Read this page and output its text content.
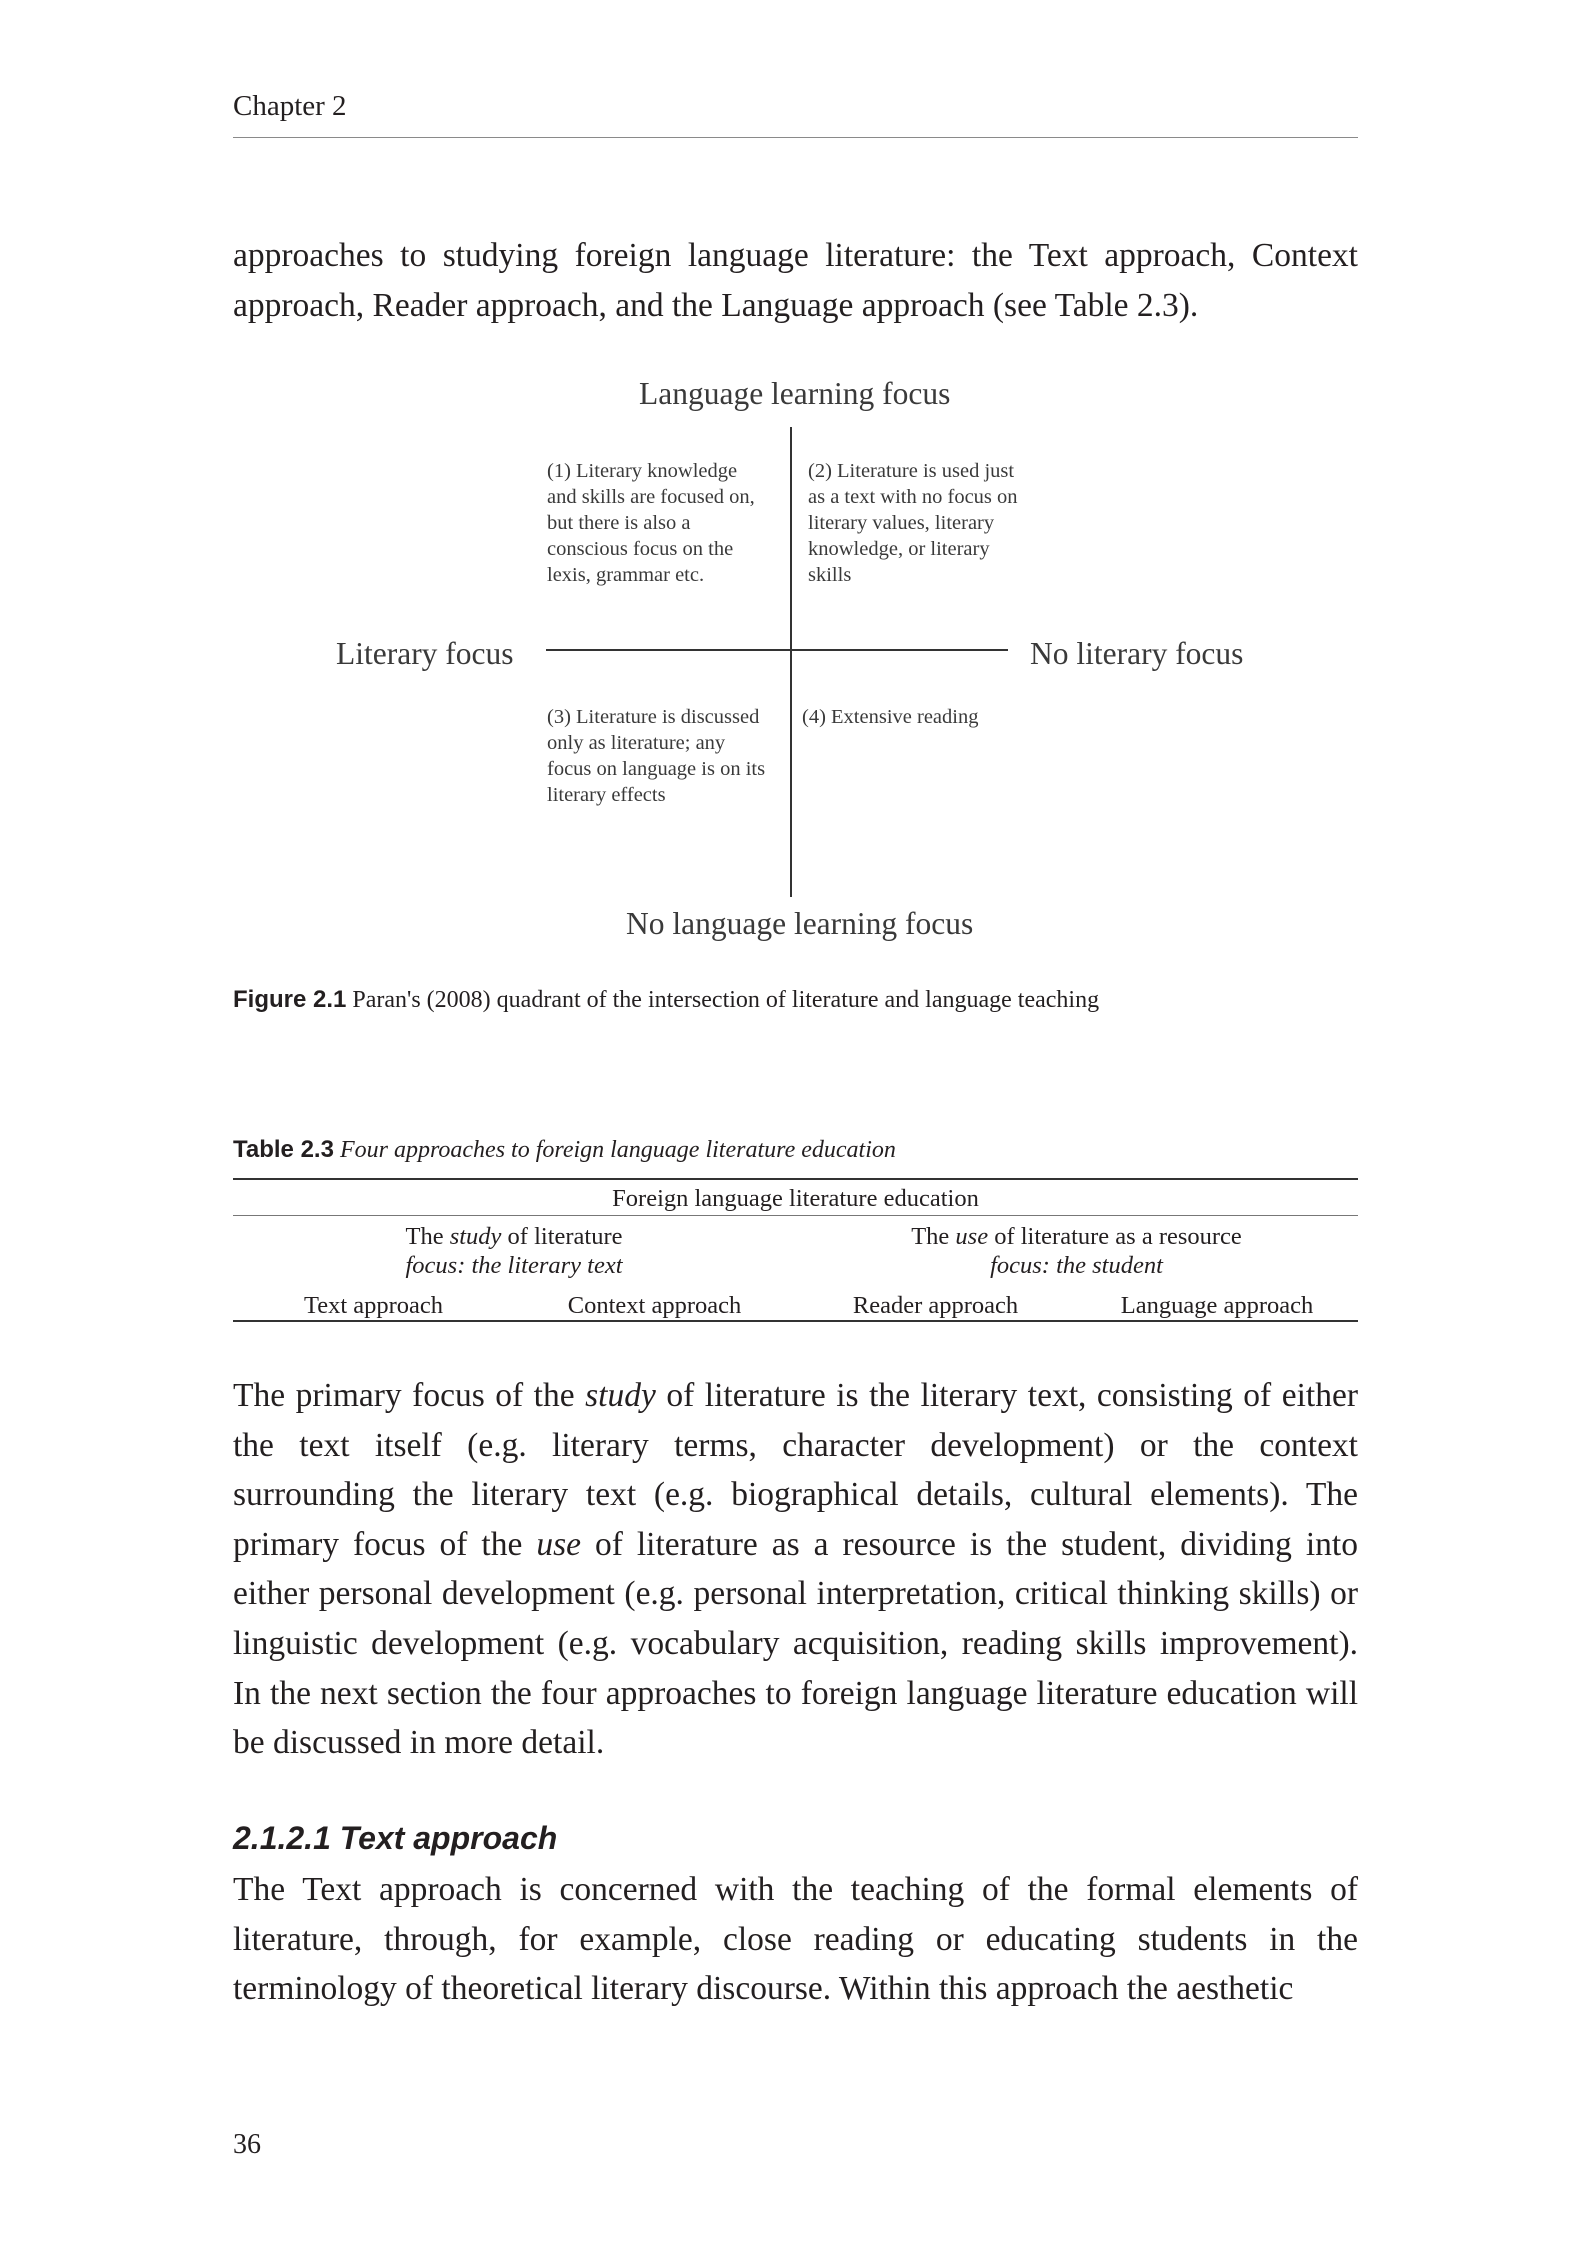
Chapter 2
approaches to studying foreign language literature: the Text approach, Context approach, Reader approach, and the Language approach (see Table 2.3).
Language learning focus
No language learning focus
Literary focus	No literary focus
(1) Literary knowledge
and skills are focused on,
but there is also a
conscious focus on the
lexis, grammar etc.
(2) Literature is used just
as a text with no focus on
literary values, literary
knowledge, or literary
skills
(3) Literature is discussed
only as literature; any
focus on language is on its
literary effects
(4) Extensive reading
Figure 2.1 Paran's (2008) quadrant of the intersection of literature and language teaching
Table 2.3 Four approaches to foreign language literature education
Foreign language literature education
The study of literature
focus: the literary text
The use of literature as a resource
focus: the student
Text approach	Context approach	Reader approach	Language approach
The primary focus of the study of literature is the literary text, consisting of either the text itself (e.g. literary terms, character development) or the context surrounding the literary text (e.g. biographical details, cultural elements). The primary focus of the use of literature as a resource is the student, dividing into either personal development (e.g. personal interpretation, critical thinking skills) or linguistic development (e.g. vocabulary acquisition, reading skills improvement). In the next section the four approaches to foreign language literature education will be discussed in more detail.
2.1.2.1 Text approach
The Text approach is concerned with the teaching of the formal elements of literature, through, for example, close reading or educating students in the terminology of theoretical literary discourse. Within this approach the aesthetic
36
